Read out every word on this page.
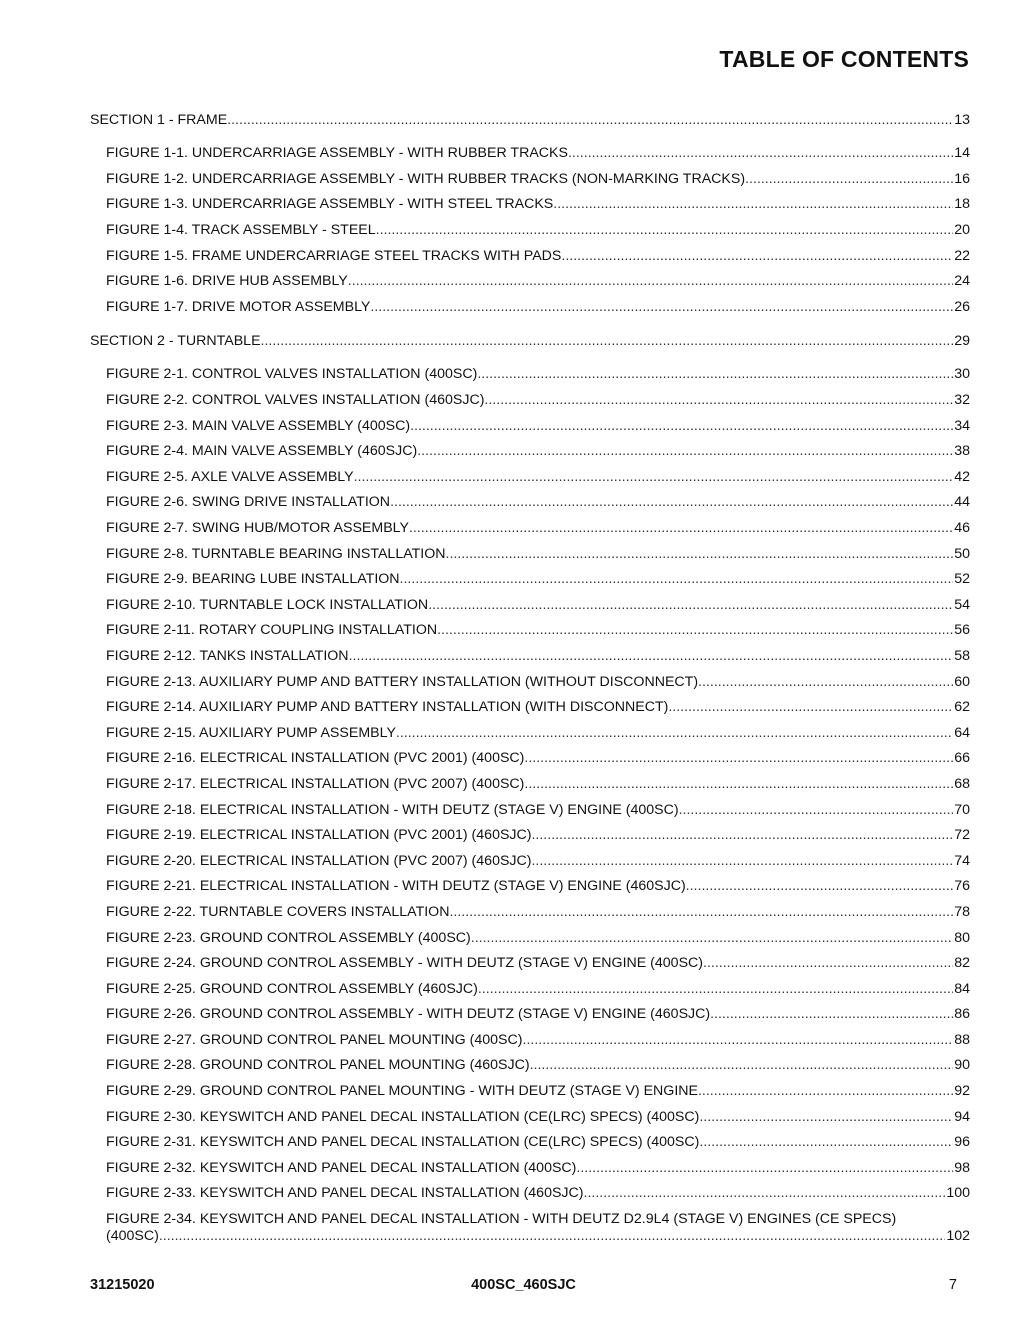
TABLE OF CONTENTS
SECTION 1 - FRAME .....	13
FIGURE 1-1. UNDERCARRIAGE ASSEMBLY - WITH RUBBER TRACKS .....	14
FIGURE 1-2. UNDERCARRIAGE ASSEMBLY - WITH RUBBER TRACKS (NON-MARKING TRACKS) .....	16
FIGURE 1-3. UNDERCARRIAGE ASSEMBLY - WITH STEEL TRACKS .....	18
FIGURE 1-4. TRACK ASSEMBLY - STEEL .....	20
FIGURE 1-5. FRAME UNDERCARRIAGE STEEL TRACKS WITH PADS .....	22
FIGURE 1-6. DRIVE HUB ASSEMBLY .....	24
FIGURE 1-7. DRIVE MOTOR ASSEMBLY .....	26
SECTION 2 - TURNTABLE .....	29
FIGURE 2-1. CONTROL VALVES INSTALLATION (400SC) .....	30
FIGURE 2-2. CONTROL VALVES INSTALLATION (460SJC) .....	32
FIGURE 2-3. MAIN VALVE ASSEMBLY (400SC) .....	34
FIGURE 2-4. MAIN VALVE ASSEMBLY (460SJC) .....	38
FIGURE 2-5. AXLE VALVE ASSEMBLY .....	42
FIGURE 2-6. SWING DRIVE INSTALLATION .....	44
FIGURE 2-7. SWING HUB/MOTOR ASSEMBLY .....	46
FIGURE 2-8. TURNTABLE BEARING INSTALLATION .....	50
FIGURE 2-9. BEARING LUBE INSTALLATION .....	52
FIGURE 2-10. TURNTABLE LOCK INSTALLATION .....	54
FIGURE 2-11. ROTARY COUPLING INSTALLATION .....	56
FIGURE 2-12. TANKS INSTALLATION .....	58
FIGURE 2-13. AUXILIARY PUMP AND BATTERY INSTALLATION (WITHOUT DISCONNECT) .....	60
FIGURE 2-14. AUXILIARY PUMP AND BATTERY INSTALLATION (WITH DISCONNECT) .....	62
FIGURE 2-15. AUXILIARY PUMP ASSEMBLY .....	64
FIGURE 2-16. ELECTRICAL INSTALLATION (PVC 2001) (400SC) .....	66
FIGURE 2-17. ELECTRICAL INSTALLATION (PVC 2007) (400SC) .....	68
FIGURE 2-18. ELECTRICAL INSTALLATION - WITH DEUTZ (STAGE V) ENGINE (400SC) .....	70
FIGURE 2-19. ELECTRICAL INSTALLATION (PVC 2001) (460SJC) .....	72
FIGURE 2-20. ELECTRICAL INSTALLATION (PVC 2007) (460SJC) .....	74
FIGURE 2-21. ELECTRICAL INSTALLATION - WITH DEUTZ (STAGE V) ENGINE (460SJC) .....	76
FIGURE 2-22. TURNTABLE COVERS INSTALLATION .....	78
FIGURE 2-23. GROUND CONTROL ASSEMBLY (400SC) .....	80
FIGURE 2-24. GROUND CONTROL ASSEMBLY - WITH DEUTZ (STAGE V) ENGINE (400SC) .....	82
FIGURE 2-25. GROUND CONTROL ASSEMBLY (460SJC) .....	84
FIGURE 2-26. GROUND CONTROL ASSEMBLY - WITH DEUTZ (STAGE V) ENGINE (460SJC) .....	86
FIGURE 2-27. GROUND CONTROL PANEL MOUNTING (400SC) .....	88
FIGURE 2-28. GROUND CONTROL PANEL MOUNTING (460SJC) .....	90
FIGURE 2-29. GROUND CONTROL PANEL MOUNTING - WITH DEUTZ (STAGE V) ENGINE .....	92
FIGURE 2-30. KEYSWITCH AND PANEL DECAL INSTALLATION (CE(LRC) SPECS) (400SC) .....	94
FIGURE 2-31. KEYSWITCH AND PANEL DECAL INSTALLATION (CE(LRC) SPECS) (400SC) .....	96
FIGURE 2-32. KEYSWITCH AND PANEL DECAL INSTALLATION (400SC) .....	98
FIGURE 2-33. KEYSWITCH AND PANEL DECAL INSTALLATION (460SJC) .....	100
FIGURE 2-34. KEYSWITCH AND PANEL DECAL INSTALLATION - WITH DEUTZ D2.9L4 (STAGE V) ENGINES (CE SPECS)
(400SC) .....	102
31215020	400SC_460SJC	7
